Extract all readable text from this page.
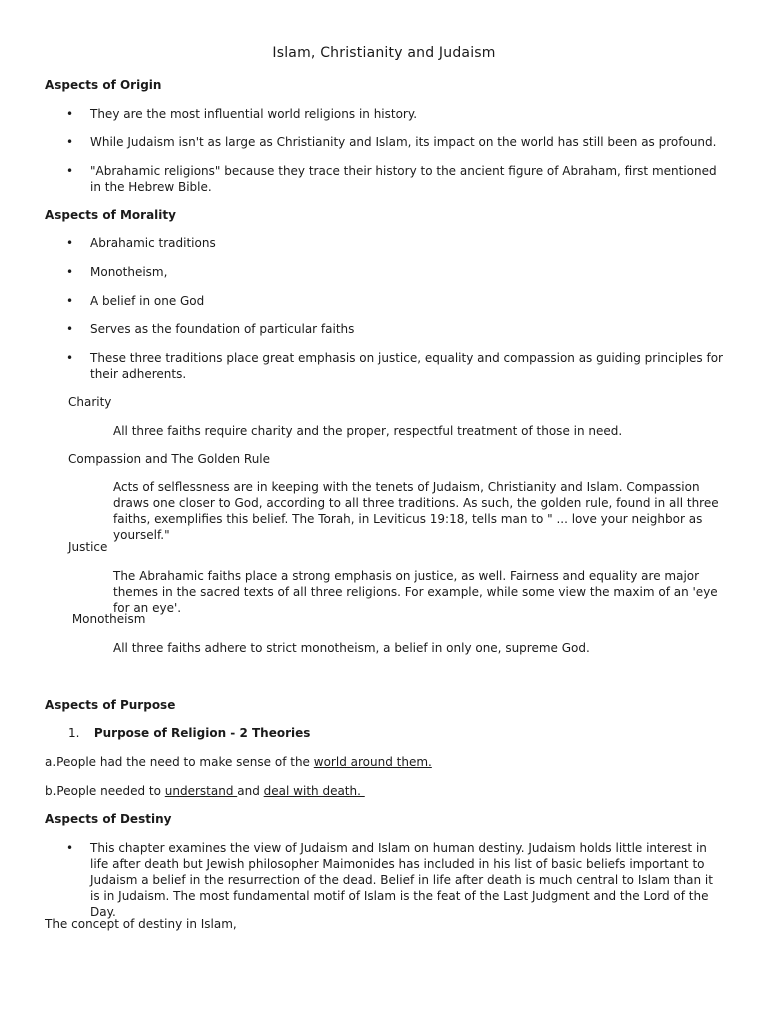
Islam, Christianity and Judaism
Aspects of Origin
• They are the most influential world religions in history.
• While Judaism isn't as large as Christianity and Islam, its impact on the world has still been as profound.
• "Abrahamic religions" because they trace their history to the ancient figure of Abraham, first mentioned in the Hebrew Bible.
Aspects of Morality
• Abrahamic traditions
• Monotheism,
• A belief in one God
• Serves as the foundation of particular faiths
• These three traditions place great emphasis on justice, equality and compassion as guiding principles for their adherents.
Charity
All three faiths require charity and the proper, respectful treatment of those in need.
Compassion and The Golden Rule
Acts of selflessness are in keeping with the tenets of Judaism, Christianity and Islam. Compassion draws one closer to God, according to all three traditions. As such, the golden rule, found in all three faiths, exemplifies this belief. The Torah, in Leviticus 19:18, tells man to " ... love your neighbor as yourself."
Justice
The Abrahamic faiths place a strong emphasis on justice, as well. Fairness and equality are major themes in the sacred texts of all three religions. For example, while some view the maxim of an 'eye for an eye'.
Monotheism
All three faiths adhere to strict monotheism, a belief in only one, supreme God.
Aspects of Purpose
1. Purpose of Religion - 2 Theories
a.People had the need to make sense of the world around them.
b.People needed to understand and deal with death.
Aspects of Destiny
• This chapter examines the view of Judaism and Islam on human destiny. Judaism holds little interest in life after death but Jewish philosopher Maimonides has included in his list of basic beliefs important to Judaism a belief in the resurrection of the dead. Belief in life after death is much central to Islam than it is in Judaism. The most fundamental motif of Islam is the feat of the Last Judgment and the Lord of the Day.
The concept of destiny in Islam,
